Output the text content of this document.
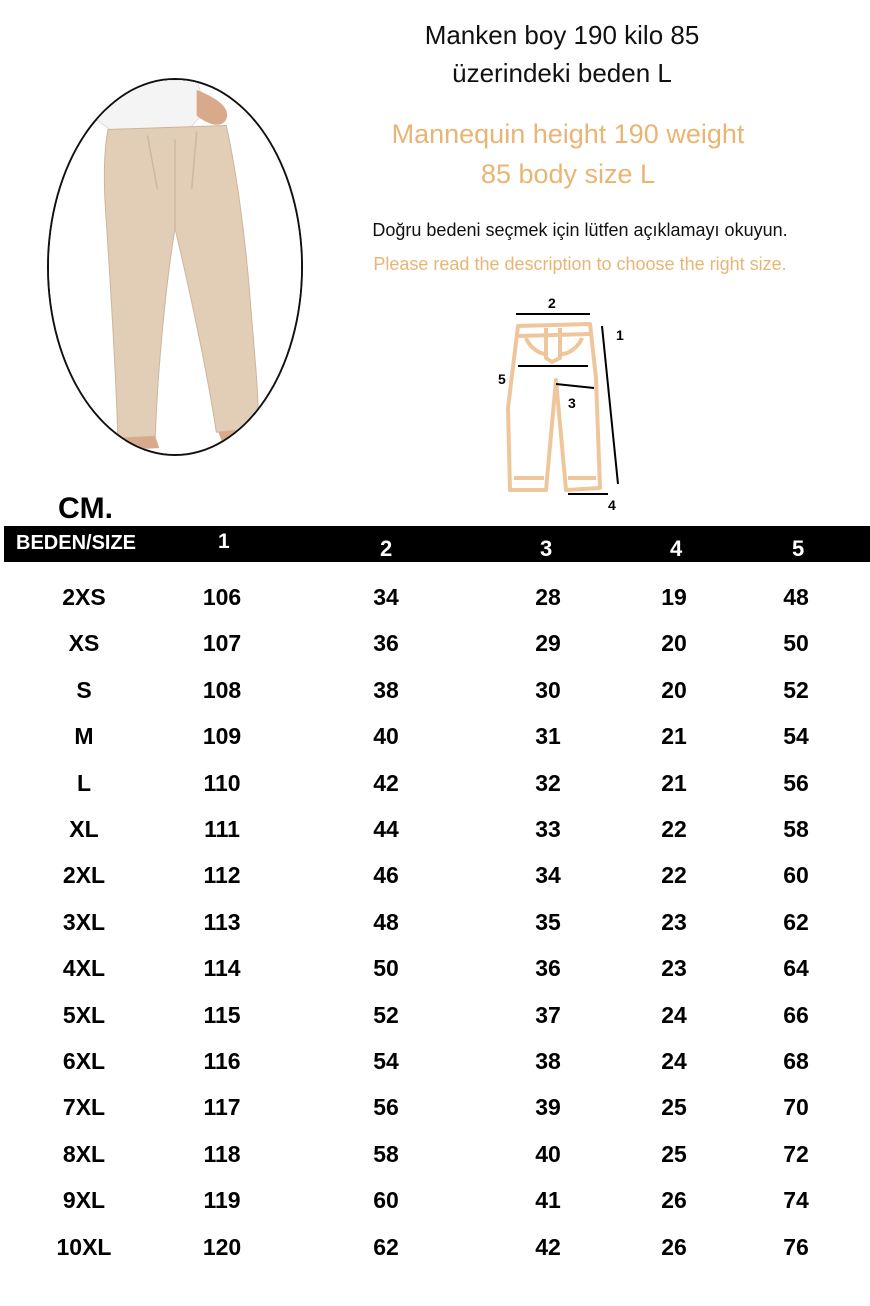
Manken boy 190 kilo 85
üzerindeki beden L
Mannequin height 190 weight
85 body size L
Doğru bedeni seçmek için lütfen açıklamayı okuyun.
Please read the description to choose the right size.
2
1
5
3
4
CM.
BEDEN/SIZE	1	2	3	4	5
2XS	106	34	28	19	48
XS	107	36	29	20	50
S	108	38	30	20	52
M	109	40	31	21	54
L	110	42	32	21	56
XL	111	44	33	22	58
2XL	112	46	34	22	60
3XL	113	48	35	23	62
4XL	114	50	36	23	64
5XL	115	52	37	24	66
6XL	116	54	38	24	68
7XL	117	56	39	25	70
8XL	118	58	40	25	72
9XL	119	60	41	26	74
10XL	120	62	42	26	76
